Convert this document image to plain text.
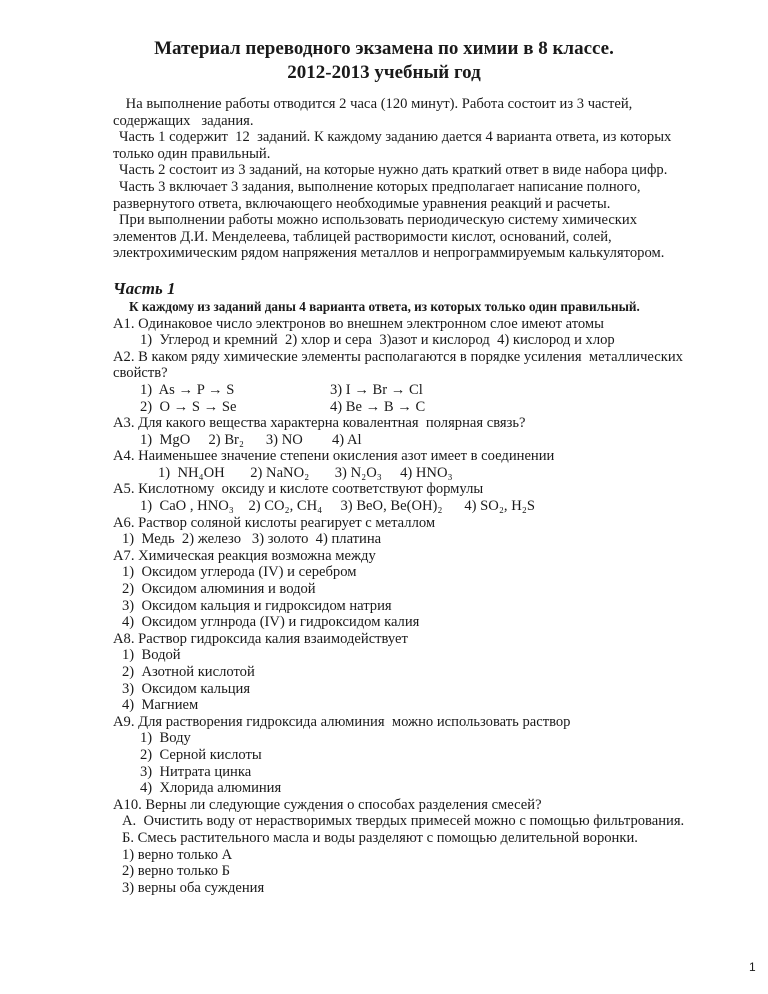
Материал переводного экзамена по химии в 8 классе.
2012-2013 учебный год
На выполнение работы отводится 2 часа (120 минут). Работа состоит из 3 частей,
содержащих   задания.
Часть 1 содержит  12  заданий. К каждому заданию дается 4 варианта ответа, из которых
только один правильный.
Часть 2 состоит из 3 заданий, на которые нужно дать краткий ответ в виде набора цифр.
Часть 3 включает 3 задания, выполнение которых предполагает написание полного,
развернутого ответа, включающего необходимые уравнения реакций и расчеты.
При выполнении работы можно использовать периодическую систему химических
элементов Д.И. Менделеева, таблицей растворимости кислот, оснований, солей,
электрохимическим рядом напряжения металлов и непрограммируемым калькулятором.
Часть 1
К каждому из заданий даны 4 варианта ответа, из которых только один правильный.
А1. Одинаковое число электронов во внешнем электронном слое имеют атомы
1)  Углерод и кремний  2) хлор и сера  3)азот и кислород  4) кислород и хлор
А2. В каком ряду химические элементы располагаются в порядке усиления  металлических
свойств?
1)  As → P → S	3) I → Br → Cl
2)  O → S → Se	4) Be → B → C
А3. Для какого вещества характерна ковалентная  полярная связь?
1)  MgO     2) Br₂      3) NO        4) Al
А4. Наименьшее значение степени окисления азот имеет в соединении
1)  NH₄OH       2) NaNO₂       3) N₂O₃     4) HNO₃
А5. Кислотному  оксиду и кислоте соответствуют формулы
1)  CaO , HNO₃    2) CO₂, CH₄     3) BeO, Be(OH)₂      4) SO₂, H₂S
А6. Раствор соляной кислоты реагирует с металлом
1)  Медь  2) железо   3) золото  4) платина
А7. Химическая реакция возможна между
1)  Оксидом углерода (IV) и серебром
2)  Оксидом алюминия и водой
3)  Оксидом кальция и гидроксидом натрия
4)  Оксидом углнрода (IV) и гидроксидом калия
А8. Раствор гидроксида калия взаимодействует
1)  Водой
2)  Азотной кислотой
3)  Оксидом кальция
4)  Магнием
А9. Для растворения гидроксида алюминия  можно использовать раствор
1)  Воду
2)  Серной кислоты
3)  Нитрата цинка
4)  Хлорида алюминия
А10. Верны ли следующие суждения о способах разделения смесей?
А.  Очистить воду от нерастворимых твердых примесей можно с помощью фильтрования.
Б. Смесь растительного масла и воды разделяют с помощью делительной воронки.
1) верно только А
2) верно только Б
3) верны оба суждения
1
